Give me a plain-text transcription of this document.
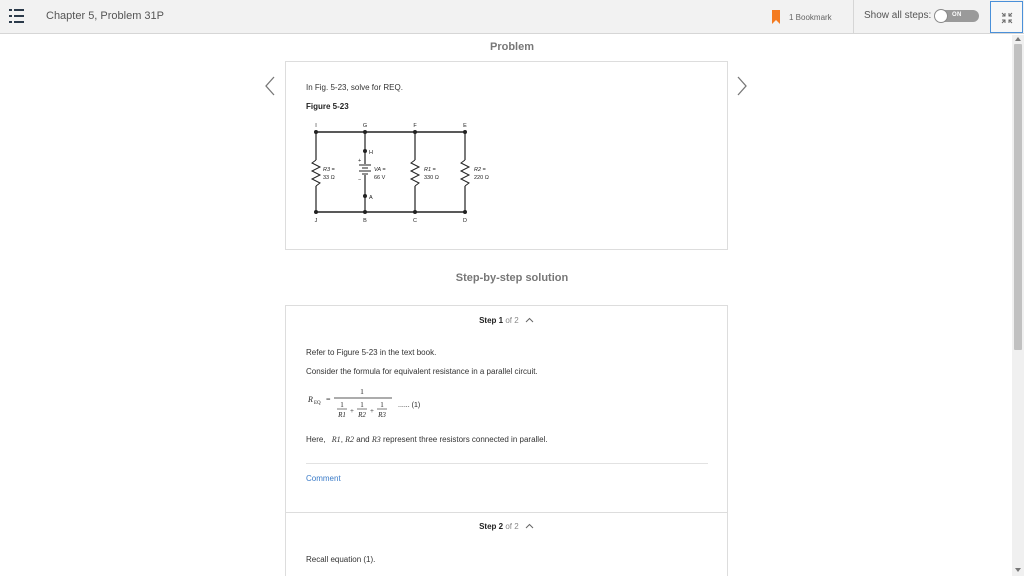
Chapter 5, Problem 31P	1 Bookmark	Show all steps:	ON
Problem
In Fig. 5-23, solve for REQ.
Figure 5-23
I	G	F	E
J	B	C	D
H
A
+
−
R3 =
33 Ω
VA =
66 V
R1 =
330 Ω
R2 =
220 Ω
Step-by-step solution
Step 1 of 2
Refer to Figure 5-23 in the text book.
Consider the formula for equivalent resistance in a parallel circuit.
R EQ =
1
1
R1 +
1
R2 +
1
R3
...... (1)
Here, R1, R2 and R3 represent three resistors connected in parallel.
Comment
Step 2 of 2
Recall equation (1).
